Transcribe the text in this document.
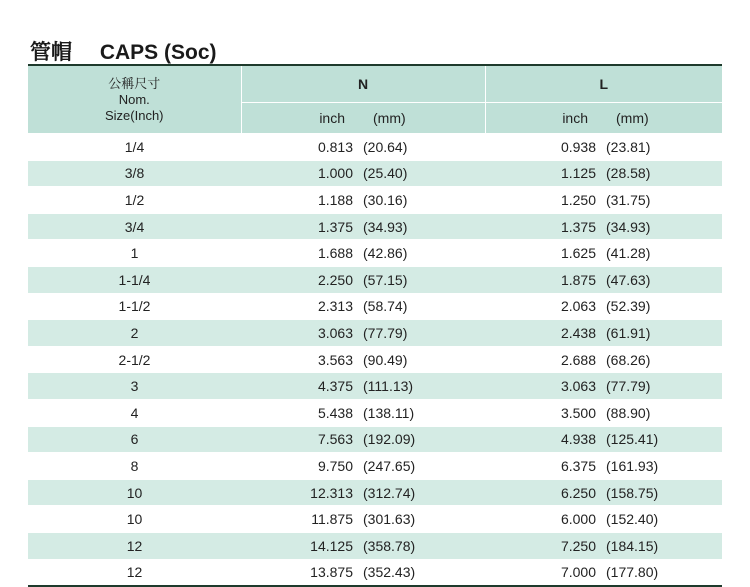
管帽 CAPS (Soc)
公稱尺寸
Nom.
Size(Inch)	N		L	
	inch	(mm)	inch	(mm)
1/4	0.813	(20.64)	0.938	(23.81)
3/8	1.000	(25.40)	1.125	(28.58)
1/2	1.188	(30.16)	1.250	(31.75)
3/4	1.375	(34.93)	1.375	(34.93)
1	1.688	(42.86)	1.625	(41.28)
1-1/4	2.250	(57.15)	1.875	(47.63)
1-1/2	2.313	(58.74)	2.063	(52.39)
2	3.063	(77.79)	2.438	(61.91)
2-1/2	3.563	(90.49)	2.688	(68.26)
3	4.375	(111.13)	3.063	(77.79)
4	5.438	(138.11)	3.500	(88.90)
6	7.563	(192.09)	4.938	(125.41)
8	9.750	(247.65)	6.375	(161.93)
10	12.313	(312.74)	6.250	(158.75)
10	11.875	(301.63)	6.000	(152.40)
12	14.125	(358.78)	7.250	(184.15)
12	13.875	(352.43)	7.000	(177.80)
